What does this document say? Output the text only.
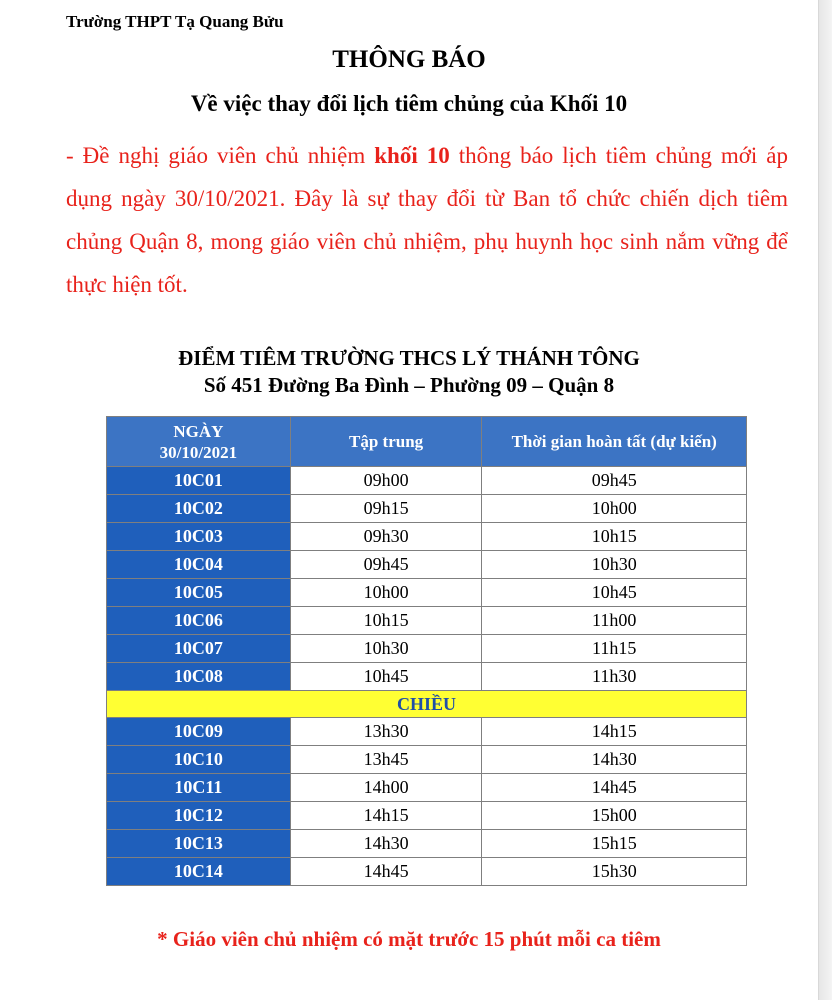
Trường THPT Tạ Quang Bửu
THÔNG BÁO
Về việc thay đổi lịch tiêm chủng của Khối 10
- Đề nghị giáo viên chủ nhiệm khối 10 thông báo lịch tiêm chủng mới áp dụng ngày 30/10/2021. Đây là sự thay đổi từ Ban tổ chức chiến dịch tiêm chủng Quận 8, mong giáo viên chủ nhiệm, phụ huynh học sinh nắm vững để thực hiện tốt.
ĐIỂM TIÊM TRƯỜNG THCS LÝ THÁNH TÔNG
Số 451 Đường Ba Đình – Phường 09 – Quận 8
NGÀY
30/10/2021	Tập trung	Thời gian hoàn tất (dự kiến)
10C01	09h00	09h45
10C02	09h15	10h00
10C03	09h30	10h15
10C04	09h45	10h30
10C05	10h00	10h45
10C06	10h15	11h00
10C07	10h30	11h15
10C08	10h45	11h30
CHIỀU		
10C09	13h30	14h15
10C10	13h45	14h30
10C11	14h00	14h45
10C12	14h15	15h00
10C13	14h30	15h15
10C14	14h45	15h30
* Giáo viên chủ nhiệm có mặt trước 15 phút mỗi ca tiêm
